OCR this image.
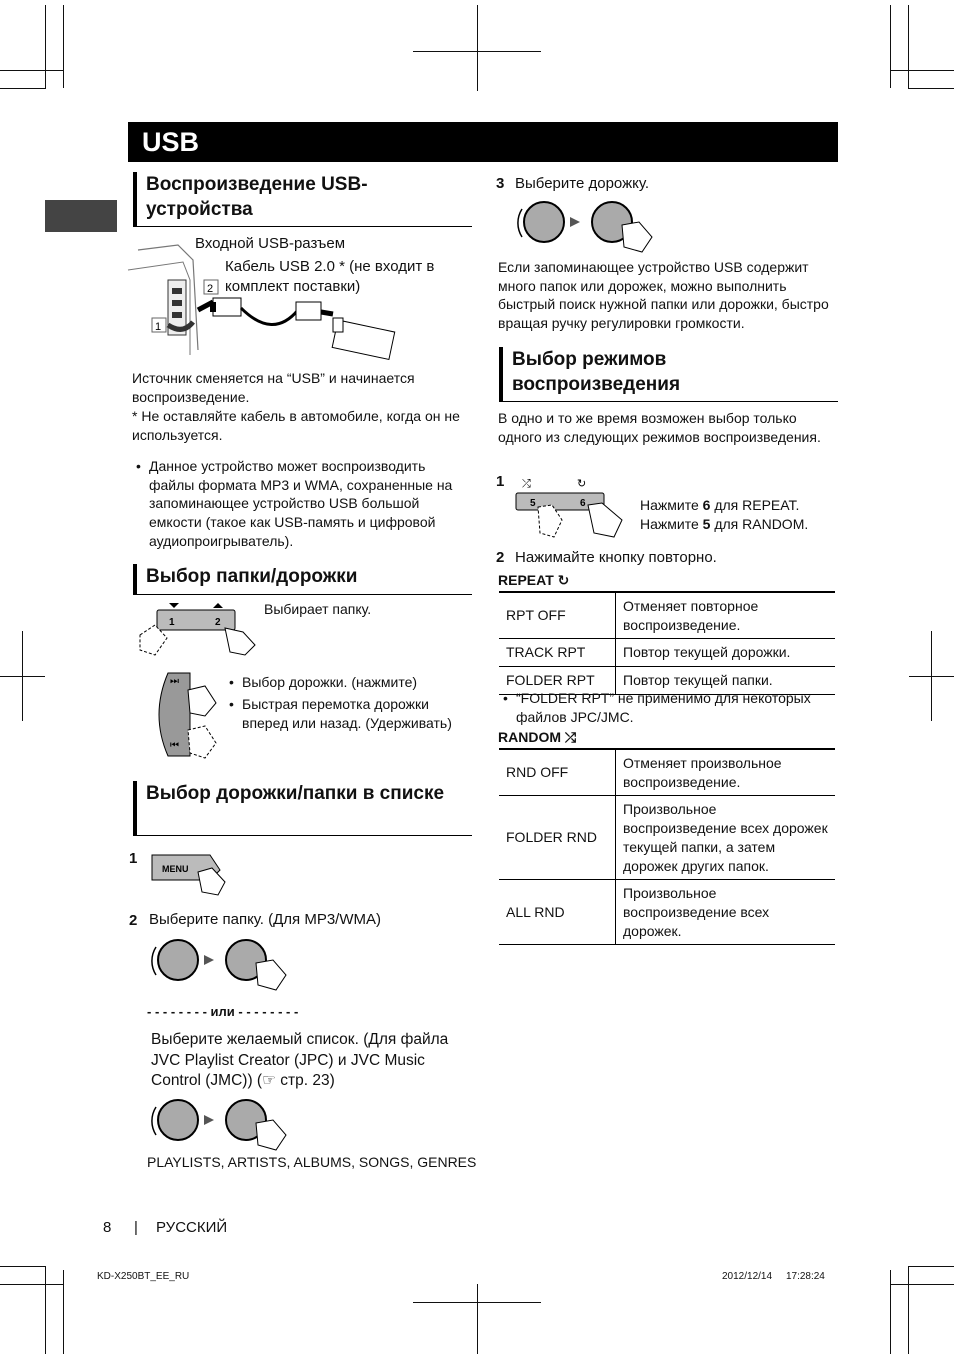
USB
Воспроизведение USB-устройства
Входной USB-разъем
Кабель USB 2.0 * (не входит в комплект поставки)
2
1
Источник сменяется на “USB” и начинается воспроизведение.
* Не оставляйте кабель в автомобиле, когда он не используется.
• Данное устройство может воспроизводить файлы формата MP3 и WMA, сохраненные на запоминающее устройство USB большой емкости (такое как USB-память и цифровой аудиопроигрыватель).
Выбор папки/дорожки
1	2
Выбирает папку.
⏭
⏮
• Выбор дорожки. (нажмите)
• Быстрая перемотка дорожки вперед или назад. (Удерживать)
Выбор дорожки/папки в списке
1
MENU
2 Выберите папку. (Для MP3/WMA)
- - - - - - - - или - - - - - - - -
Выберите желаемый список. (Для файла JVC Playlist Creator (JPC) и JVC Music Control (JMC)) (☞ стр. 23)
PLAYLISTS, ARTISTS, ALBUMS, SONGS, GENRES
3 Выберите дорожку.
Если запоминающее устройство USB содержит много папок или дорожек, можно выполнить быстрый поиск нужной папки или дорожки, быстро вращая ручку регулировки громкости.
Выбор режимов воспроизведения
В одно и то же время возможен выбор только одного из следующих режимов воспроизведения.
1 ⤮	↻
5	6	Нажмите 6 для REPEAT.
Нажмите 5 для RANDOM.
2 Нажимайте кнопку повторно.
REPEAT ↻
RPT OFF	Отменяет повторное воспроизведение.
TRACK RPT	Повтор текущей дорожки.
FOLDER RPT	Повтор текущей папки.
• “FOLDER RPT” не применимо для некоторых файлов JPC/JMC.
RANDOM ⤮
RND OFF	Отменяет произвольное воспроизведение.
FOLDER RND	Произвольное воспроизведение всех дорожек текущей папки, а затем дорожек других папок.
ALL RND	Произвольное воспроизведение всех дорожек.
8 | РУССКИЙ
KD-X250BT_EE_RU	2012/12/14     17:28:24
